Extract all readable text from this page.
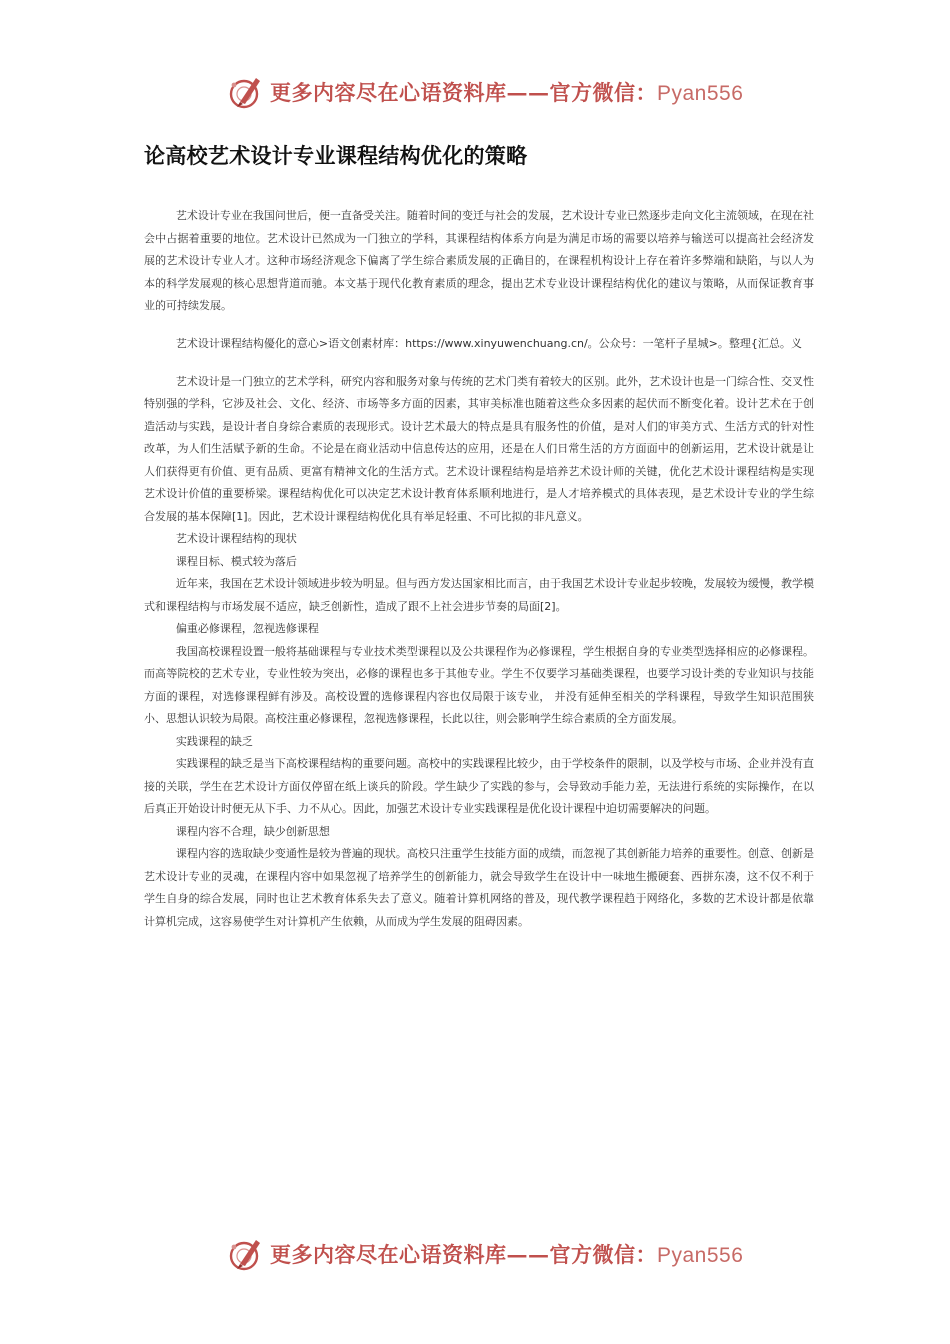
更多内容尽在心语资料库——官方微信：Pyan556
论高校艺术设计专业课程结构优化的策略

艺术设计专业在我国问世后，便一直备受关注。随着时间的变迁与社会的发展，艺术设计专业已然逐步走向文化主流领域，在现在社会中占据着重要的地位。艺术设计已然成为一门独立的学科，其课程结构体系方向是为满足市场的需要以培养与输送可以提高社会经济发展的艺术设计专业人才。这种市场经济观念下偏离了学生综合素质发展的正确目的，在课程机构设计上存在着许多弊端和缺陷，与以人为本的科学发展观的核心思想背道而驰。本文基于现代化教育素质的理念，提出艺术专业设计课程结构优化的建议与策略，从而保证教育事业的可持续发展。

艺术设计课程结构優化的意心>语文创素材库：https://www.xinyuwenchuang.cn/。公众号：一笔杆子星城>。整理{汇总。义

艺术设计是一门独立的艺术学科，研究内容和服务对象与传统的艺术门类有着较大的区别。此外，艺术设计也是一门综合性、交叉性特别强的学科，它涉及社会、文化、经济、市场等多方面的因素，其审美标准也随着这些众多因素的起伏而不断变化着。设计艺术在于创造活动与实践，是设计者自身综合素质的表现形式。设计艺术最大的特点是具有服务性的价值，是对人们的审美方式、生活方式的针对性改革，为人们生活赋予新的生命。不论是在商业活动中信息传达的应用，还是在人们日常生活的方方面面中的创新运用，艺术设计就是让人们获得更有价值、更有品质、更富有精神文化的生活方式。艺术设计课程结构是培养艺术设计师的关键，优化艺术设计课程结构是实现艺术设计价值的重要桥梁。课程结构优化可以决定艺术设计教育体系顺利地进行，是人才培养模式的具体表现，是艺术设计专业的学生综合发展的基本保障[1]。因此，艺术设计课程结构优化具有举足轻重、不可比拟的非凡意义。

艺术设计课程结构的现状

课程目标、模式较为落后

近年来，我国在艺术设计领域进步较为明显。但与西方发达国家相比而言，由于我国艺术设计专业起步较晚，发展较为缓慢，教学模式和课程结构与市场发展不适应，缺乏创新性，造成了跟不上社会进步节奏的局面[2]。

偏重必修课程，忽视选修课程

我国高校课程设置一般将基础课程与专业技术类型课程以及公共课程作为必修课程，学生根据自身的专业类型选择相应的必修课程。而高等院校的艺术专业，专业性较为突出，必修的课程也多于其他专业。学生不仅要学习基础类课程，也要学习设计类的专业知识与技能方面的课程，对选修课程鲜有涉及。高校设置的选修课程内容也仅局限于该专业， 并没有延伸至相关的学科课程，导致学生知识范围狭小、思想认识较为局限。高校注重必修课程，忽视选修课程，长此以往，则会影响学生综合素质的全方面发展。

实践课程的缺乏

实践课程的缺乏是当下高校课程结构的重要问题。高校中的实践课程比较少，由于学校条件的限制，以及学校与市场、企业并没有直接的关联，学生在艺术设计方面仅停留在纸上谈兵的阶段。学生缺少了实践的参与，会导致动手能力差，无法进行系统的实际操作，在以后真正开始设计时便无从下手、力不从心。因此，加强艺术设计专业实践课程是优化设计课程中迫切需要解决的问题。

课程内容不合理，缺少创新思想

课程内容的选取缺少变通性是较为普遍的现状。高校只注重学生技能方面的成绩，而忽视了其创新能力培养的重要性。创意、创新是艺术设计专业的灵魂，在课程内容中如果忽视了培养学生的创新能力，就会导致学生在设计中一味地生搬硬套、西拼东凑，这不仅不利于学生自身的综合发展，同时也让艺术教育体系失去了意义。随着计算机网络的普及，现代教学课程趋于网络化，多数的艺术设计都是依靠计算机完成，这容易使学生对计算机产生依赖，从而成为学生发展的阻碍因素。

更多内容尽在心语资料库——官方微信：Pyan556
